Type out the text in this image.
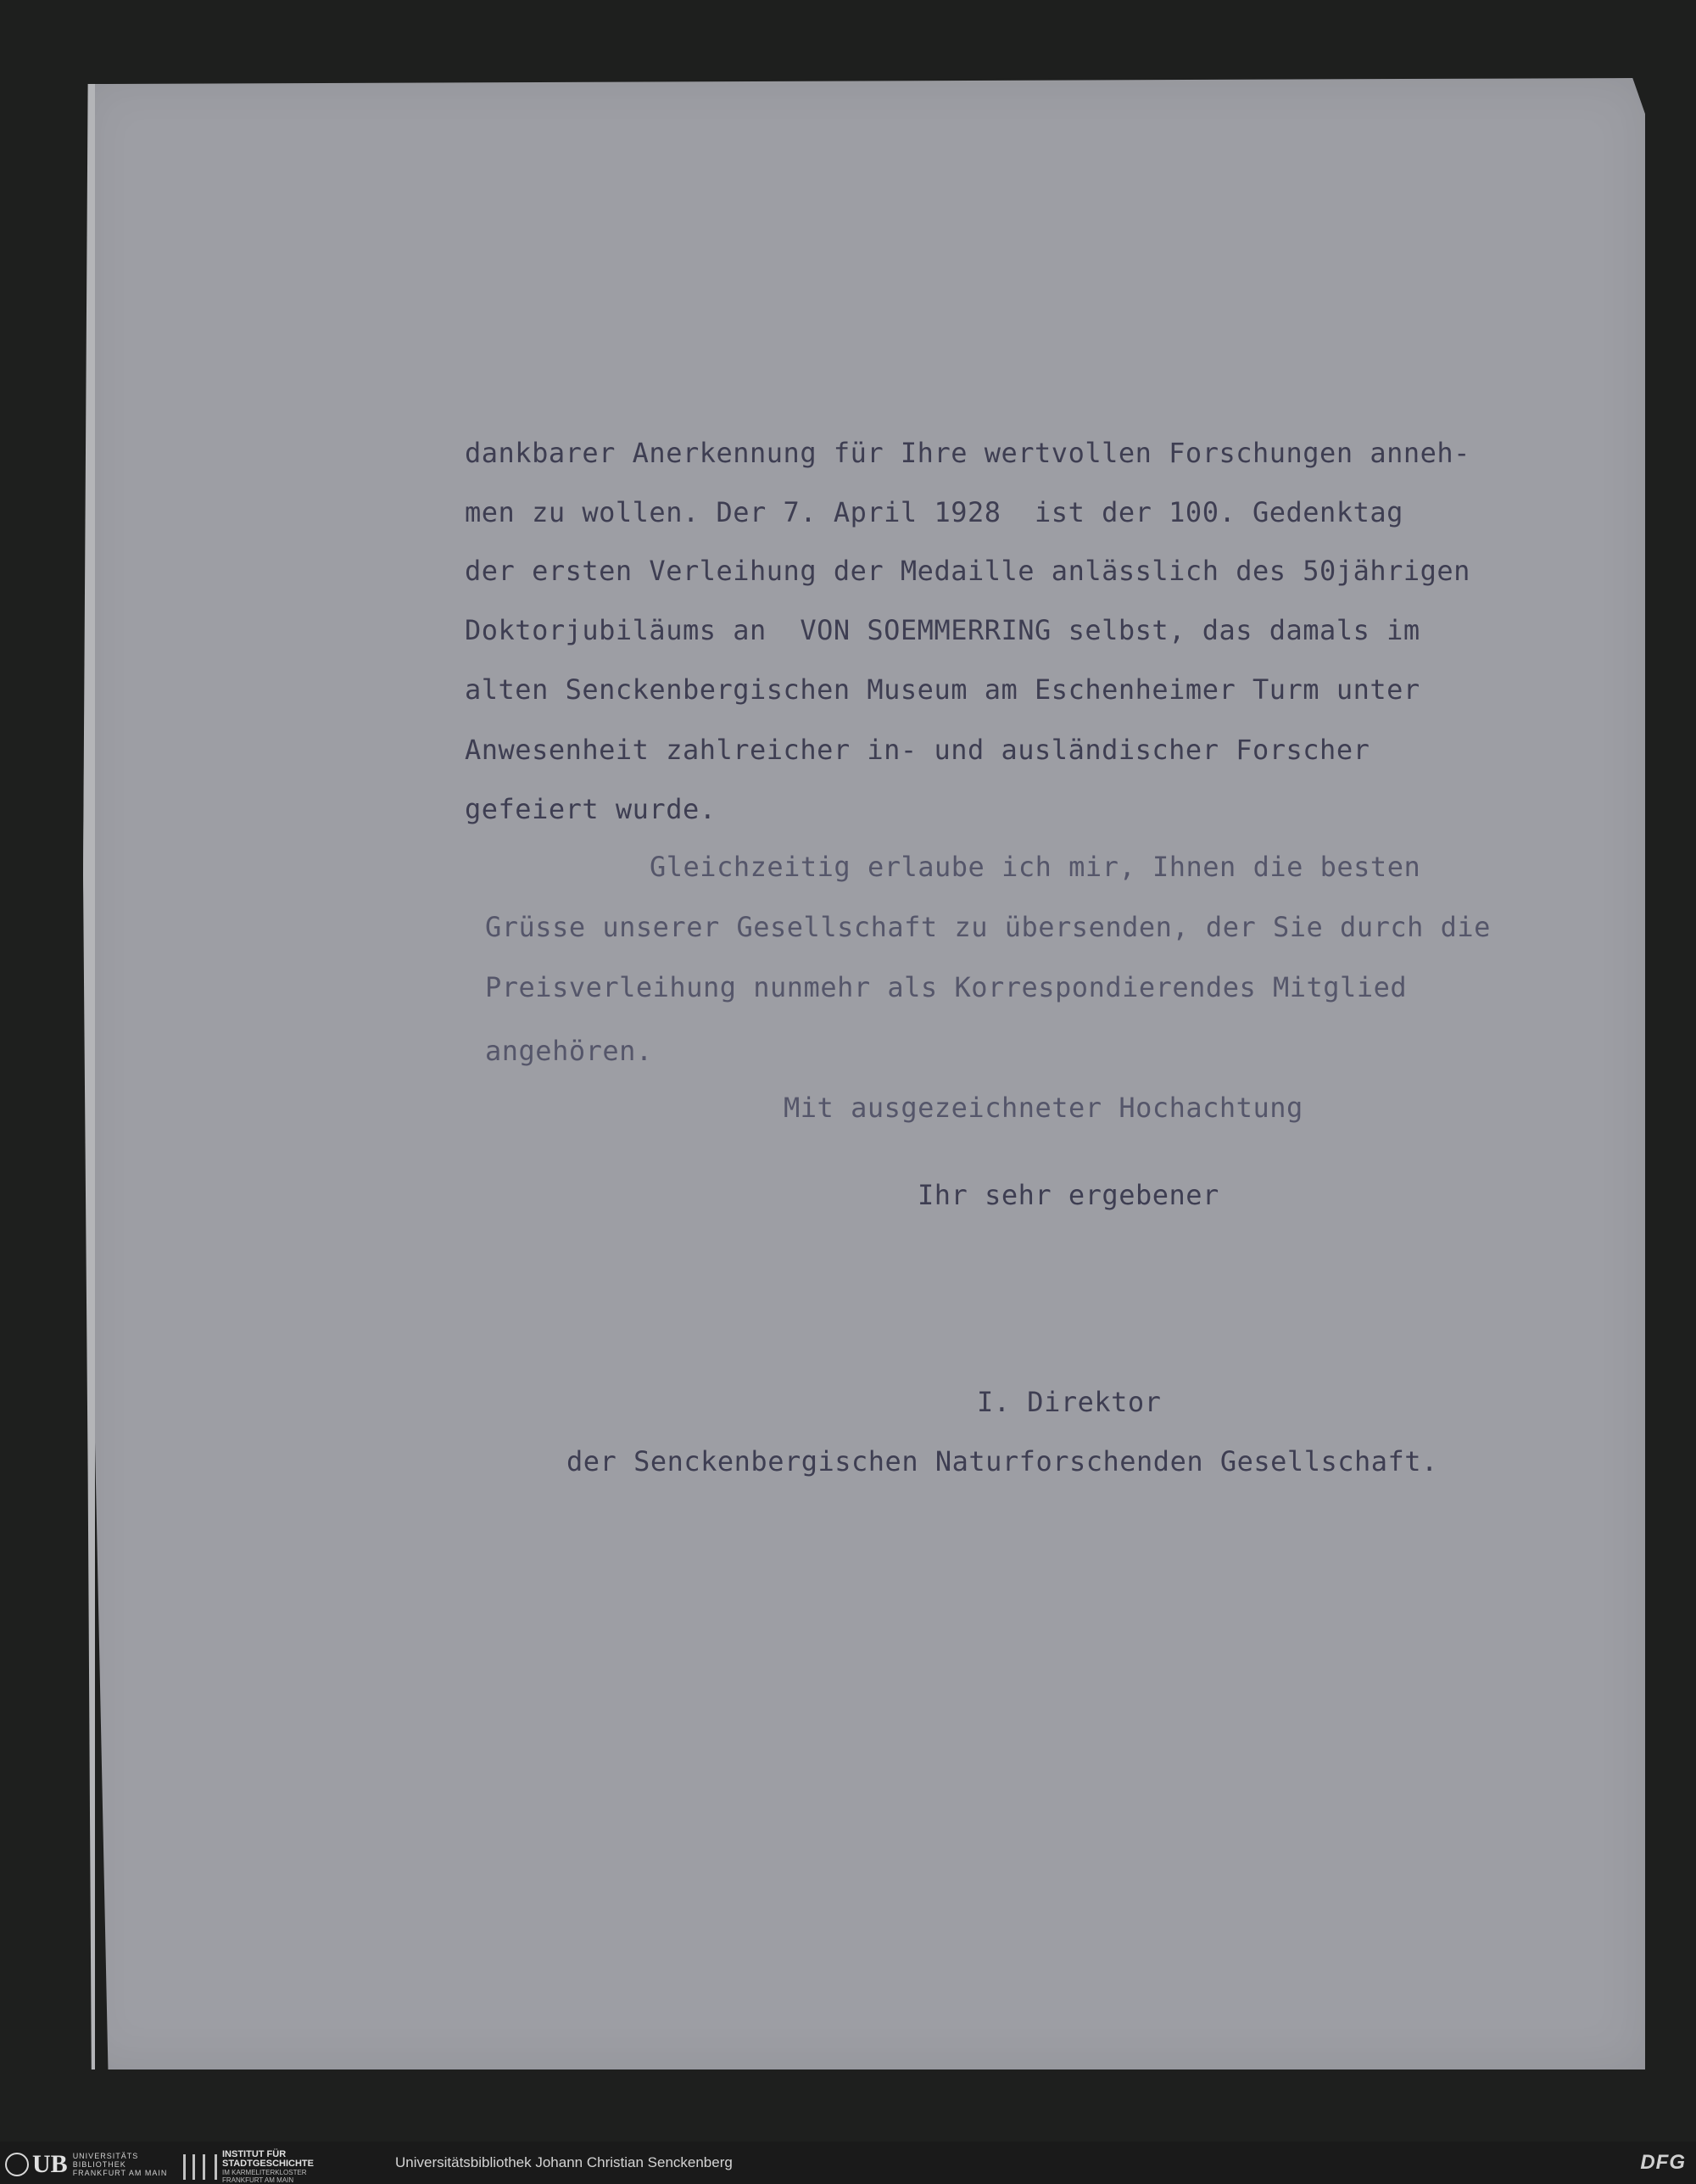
dankbarer Anerkennung für Ihre wertvollen Forschungen anneh-
men zu wollen. Der 7. April 1928  ist der 100. Gedenktag
der ersten Verleihung der Medaille anlässlich des 50jährigen
Doktorjubiläums an  VON SOEMMERRING selbst, das damals im
alten Senckenbergischen Museum am Eschenheimer Turm unter
Anwesenheit zahlreicher in- und ausländischer Forscher
gefeiert wurde.
Gleichzeitig erlaube ich mir, Ihnen die besten
Grüsse unserer Gesellschaft zu übersenden, der Sie durch die
Preisverleihung nunmehr als Korrespondierendes Mitglied
angehören.
Mit ausgezeichneter Hochachtung
Ihr sehr ergebener
I. Direktor
der Senckenbergischen Naturforschenden Gesellschaft.
UB UNIVERSITÄTS
BIBLIOTHEK
FRANKFURT AM MAIN
INSTITUT FÜR
STADTGESCHICHTE
IM KARMELITERKLOSTER
FRANKFURT AM MAIN
Universitätsbibliothek Johann Christian Senckenberg	DFG
